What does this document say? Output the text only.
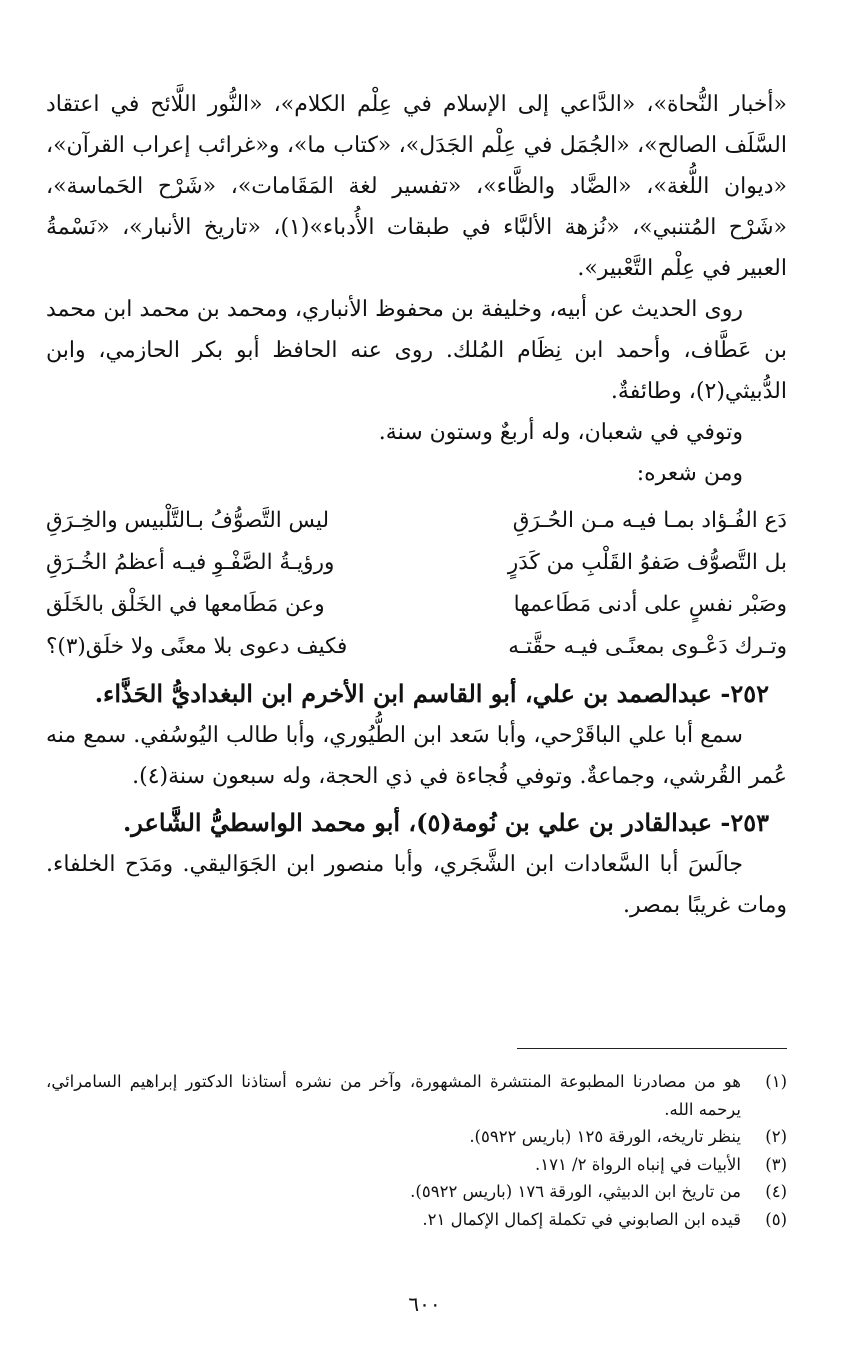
«أخبار النُّحاة»، «الدَّاعي إلى الإسلام في عِلْم الكلام»، «النُّور اللَّائح في اعتقاد السَّلَف الصالح»، «الجُمَل في عِلْم الجَدَل»، «كتاب ما»، و«غرائب إعراب القرآن»، «ديوان اللُّغة»، «الضَّاد والظَّاء»، «تفسير لغة المَقَامات»، «شَرْح الحَماسة»، «شَرْح المُتنبي»، «نُزهة الألبَّاء في طبقات الأُدباء»(١)، «تاريخ الأنبار»، «نَسْمةُ العبير في عِلْم التَّعْبير».

روى الحديث عن أبيه، وخليفة بن محفوظ الأنباري، ومحمد بن محمد ابن محمد بن عَطَّاف، وأحمد ابن نِظَام المُلك. روى عنه الحافظ أبو بكر الحازمي، وابن الدُّبيثي(٢)، وطائفةٌ.

وتوفي في شعبان، وله أربعٌ وستون سنة.

ومن شعره:

دَع الفُـؤاد بمـا فيـه مـن الحُـرَقِ
ليس التَّصوُّفُ بـالتَّلْبيس والخِـرَقِ
بل التَّصوُّف صَفوُ القَلْبِ من كَدَرٍ
ورؤيـةُ الصَّفْـوِ فيـه أعظمُ الخُـرَقِ
وصَبْر نفسٍ على أدنى مَطَاعمها
وعن مَطَامعها في الخَلْق بالخَلَق
وتـرك دَعْـوى بمعنًـى فيـه حقَّتـه
فكيف دعوى بلا معنًى ولا خلَق(٣)؟

٢٥٢- عبدالصمد بن علي، أبو القاسم ابن الأخرم ابن البغداديُّ الحَذَّاء.

سمع أبا علي الباقَرْحي، وأبا سَعد ابن الطُّيُوري، وأبا طالب اليُوسُفي. سمع منه عُمر القُرشي، وجماعةٌ. وتوفي فُجاءة في ذي الحجة، وله سبعون سنة(٤).

٢٥٣- عبدالقادر بن علي بن نُومة(٥)، أبو محمد الواسطيُّ الشَّاعر.

جالَسَ أبا السَّعادات ابن الشَّجَري، وأبا منصور ابن الجَوَاليقي. ومَدَح الخلفاء. ومات غريبًا بمصر.

(١)
هو من مصادرنا المطبوعة المنتشرة المشهورة، وآخر من نشره أستاذنا الدكتور إبراهيم السامرائي، يرحمه الله.
(٢)
ينظر تاريخه، الورقة ١٢٥ (باريس ٥٩٢٢).
(٣)
الأبيات في إنباه الرواة ٢/ ١٧١.
(٤)
من تاريخ ابن الدبيثي، الورقة ١٧٦ (باريس ٥٩٢٢).
(٥)
قيده ابن الصابوني في تكملة إكمال الإكمال ٢١.
٦٠٠
